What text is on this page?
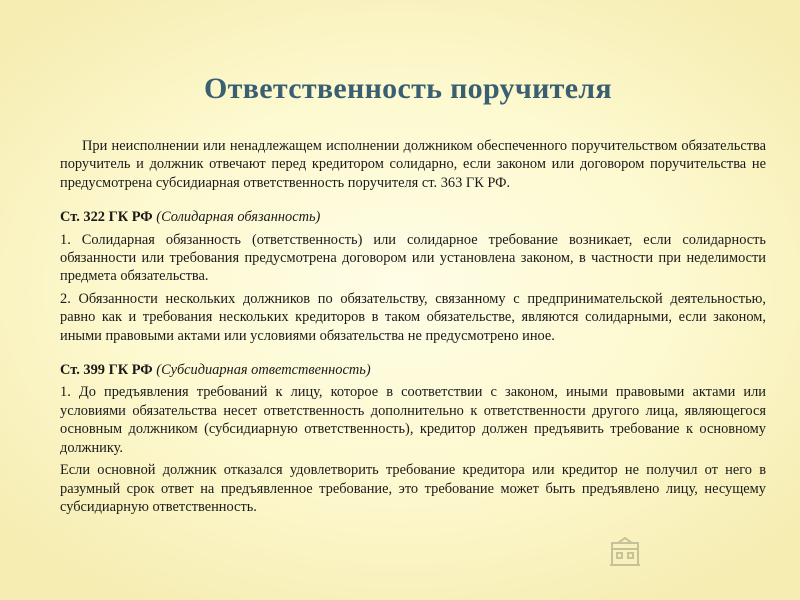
Ответственность поручителя

При неисполнении или ненадлежащем исполнении должником обеспеченного поручительством обязательства поручитель и должник отвечают перед кредитором солидарно, если законом или договором поручительства не предусмотрена субсидиарная ответственность поручителя ст. 363 ГК РФ.

Ст. 322 ГК РФ (Солидарная обязанность)

1. Солидарная обязанность (ответственность) или солидарное требование возникает, если солидарность обязанности или требования предусмотрена договором или установлена законом, в частности при неделимости предмета обязательства.

2. Обязанности нескольких должников по обязательству, связанному с предпринимательской деятельностью, равно как и требования нескольких кредиторов в таком обязательстве, являются солидарными, если законом, иными правовыми актами или условиями обязательства не предусмотрено иное.

Ст. 399 ГК РФ (Субсидиарная ответственность)

1. До предъявления требований к лицу, которое в соответствии с законом, иными правовыми актами или условиями обязательства несет ответственность дополнительно к ответственности другого лица, являющегося основным должником (субсидиарную ответственность), кредитор должен предъявить требование к основному должнику.

Если основной должник отказался удовлетворить требование кредитора или кредитор не получил от него в разумный срок ответ на предъявленное требование, это требование может быть предъявлено лицу, несущему субсидиарную ответственность.
